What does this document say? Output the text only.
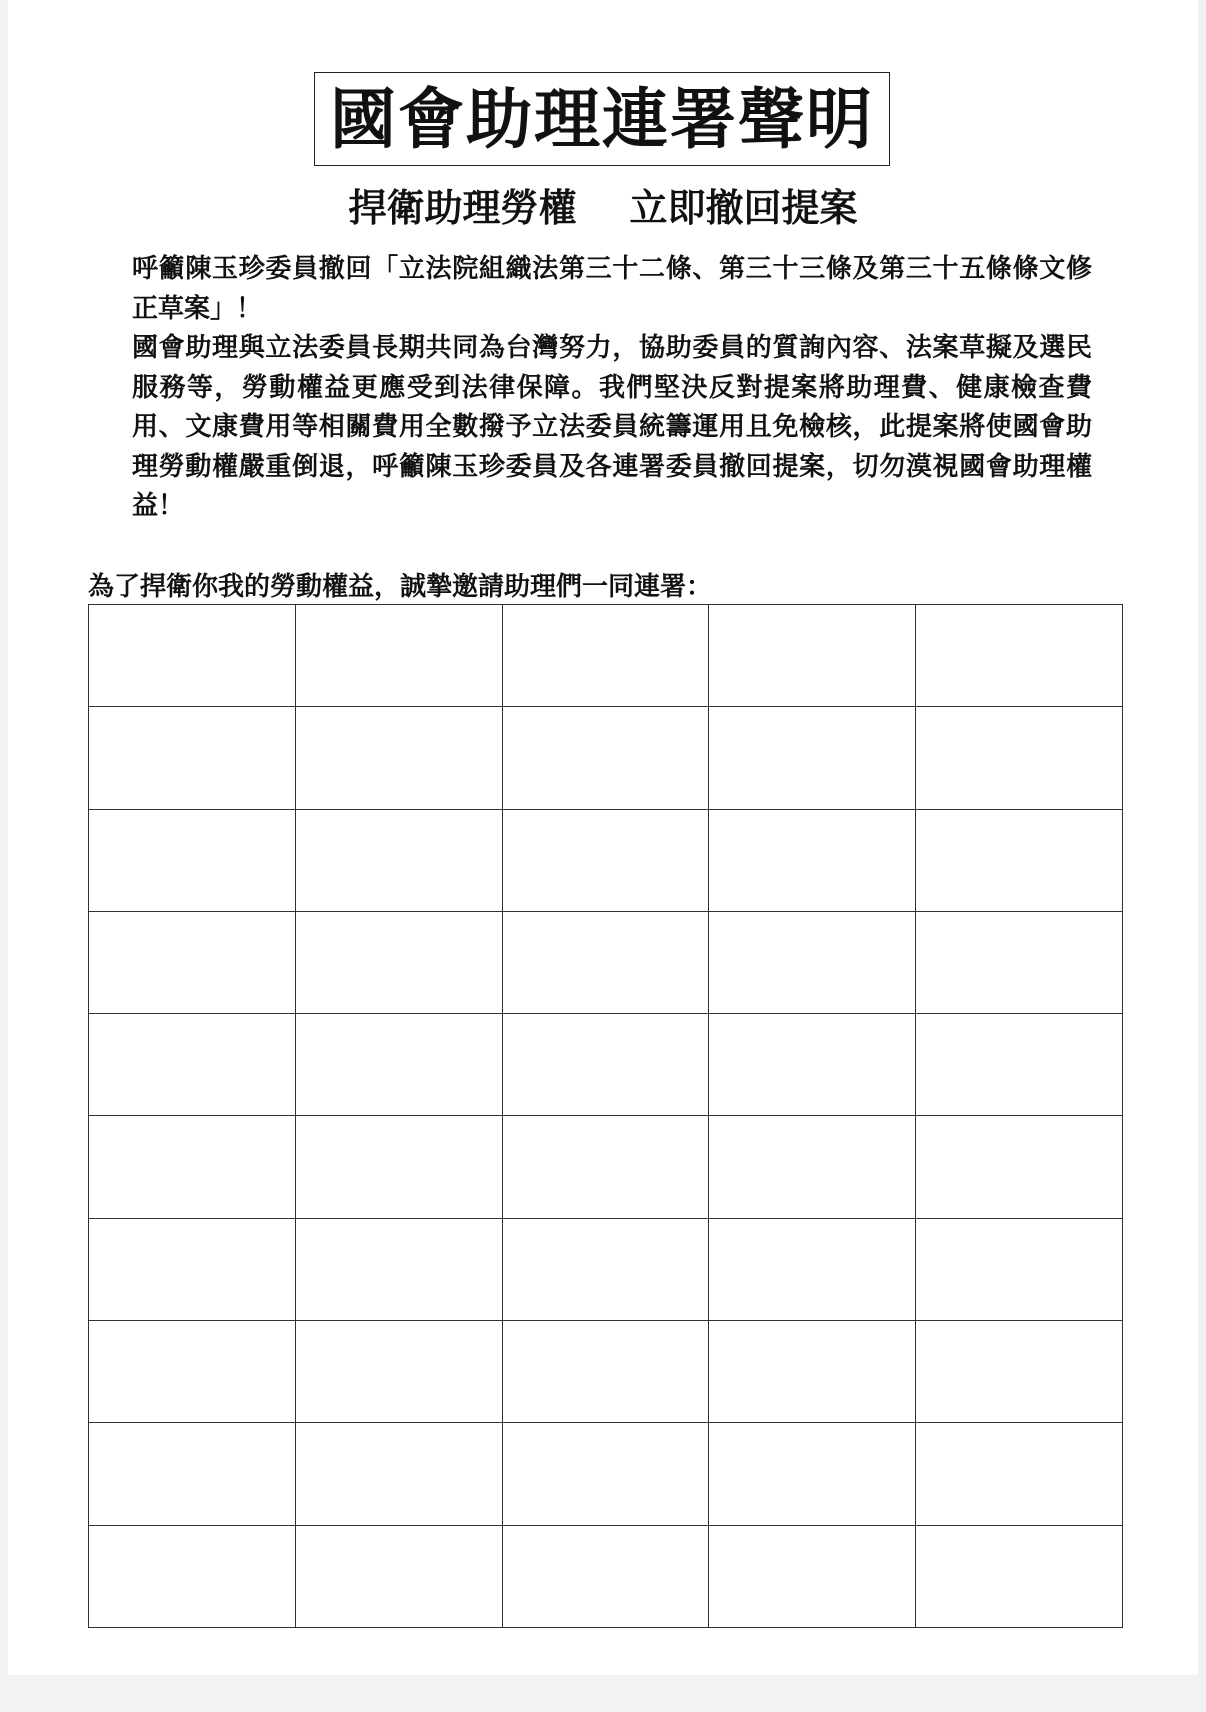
國會助理連署聲明
捍衛助理勞權    立即撤回提案

呼籲陳玉珍委員撤回「立法院組織法第三十二條、第三十三條及第三十五條條文修正草案」！

國會助理與立法委員長期共同為台灣努力，協助委員的質詢內容、法案草擬及選民服務等，勞動權益更應受到法律保障。我們堅決反對提案將助理費、健康檢查費用、文康費用等相關費用全數撥予立法委員統籌運用且免檢核，此提案將使國會助理勞動權嚴重倒退，呼籲陳玉珍委員及各連署委員撤回提案，切勿漠視國會助理權益！

為了捍衛你我的勞動權益，誠摯邀請助理們一同連署：
